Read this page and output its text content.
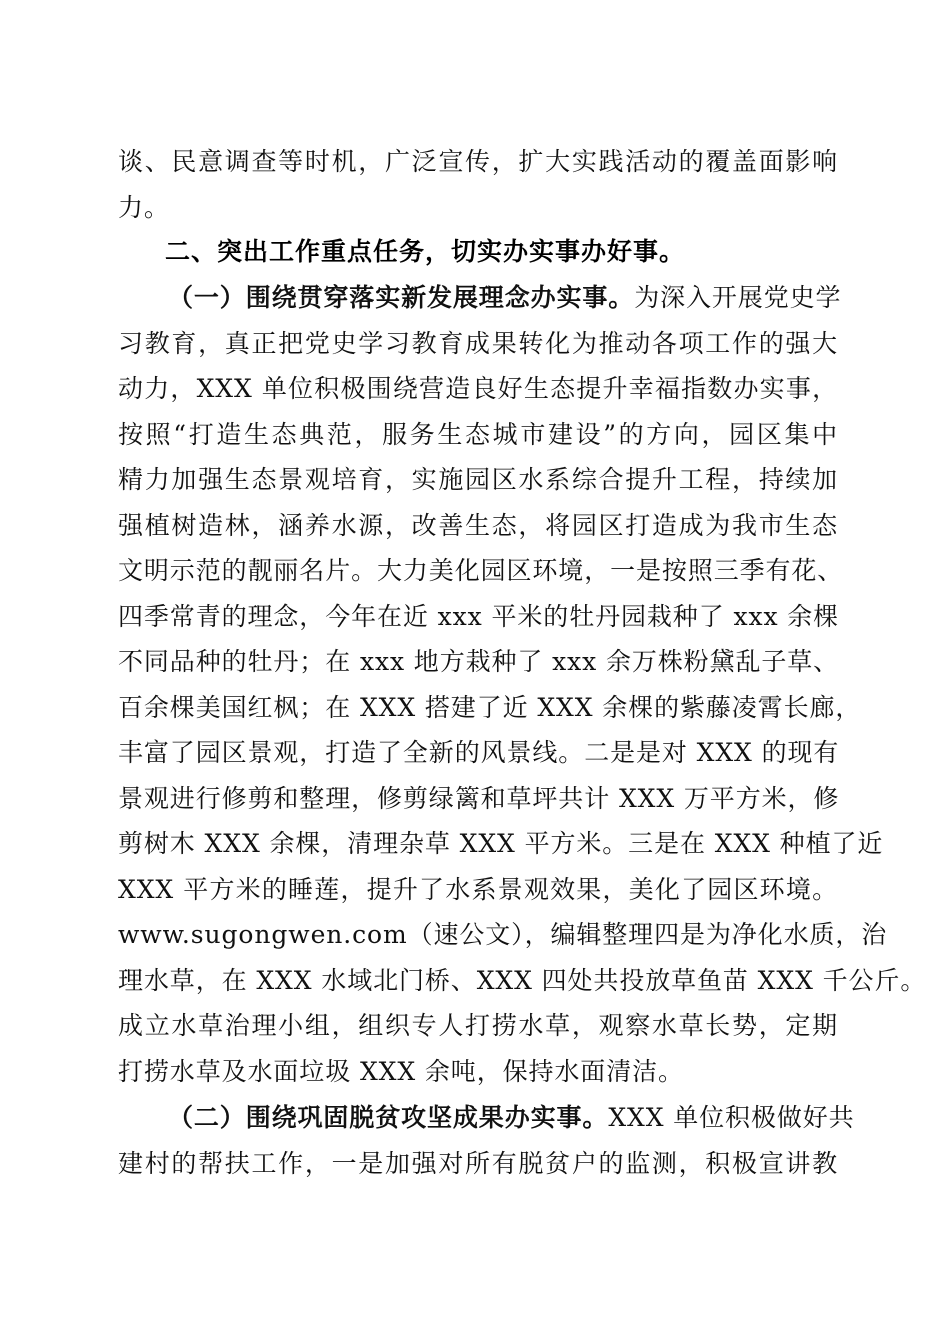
谈、民意调查等时机，广泛宣传，扩大实践活动的覆盖面影响
力。
二、突出工作重点任务，切实办实事办好事。
（一）围绕贯穿落实新发展理念办实事。为深入开展党史学
习教育，真正把党史学习教育成果转化为推动各项工作的强大
动力，XXX 单位积极围绕营造良好生态提升幸福指数办实事，
按照“打造生态典范，服务生态城市建设”的方向，园区集中
精力加强生态景观培育，实施园区水系综合提升工程，持续加
强植树造林，涵养水源，改善生态，将园区打造成为我市生态
文明示范的靓丽名片。大力美化园区环境，一是按照三季有花、
四季常青的理念，今年在近 xxx 平米的牡丹园栽种了 xxx 余棵
不同品种的牡丹；在 xxx 地方栽种了 xxx 余万株粉黛乱子草、
百余棵美国红枫；在 XXX 搭建了近 XXX 余棵的紫藤凌霄长廊，
丰富了园区景观，打造了全新的风景线。二是是对 XXX 的现有
景观进行修剪和整理，修剪绿篱和草坪共计 XXX 万平方米，修
剪树木 XXX 余棵，清理杂草 XXX 平方米。三是在 XXX 种植了近
XXX 平方米的睡莲，提升了水系景观效果，美化了园区环境。
www.sugongwen.com（速公文），编辑整理四是为净化水质，治
理水草，在 XXX 水域北门桥、XXX 四处共投放草鱼苗 XXX 千公斤。
成立水草治理小组，组织专人打捞水草，观察水草长势，定期
打捞水草及水面垃圾 XXX 余吨，保持水面清洁。
（二）围绕巩固脱贫攻坚成果办实事。XXX 单位积极做好共
建村的帮扶工作，一是加强对所有脱贫户的监测，积极宣讲教
